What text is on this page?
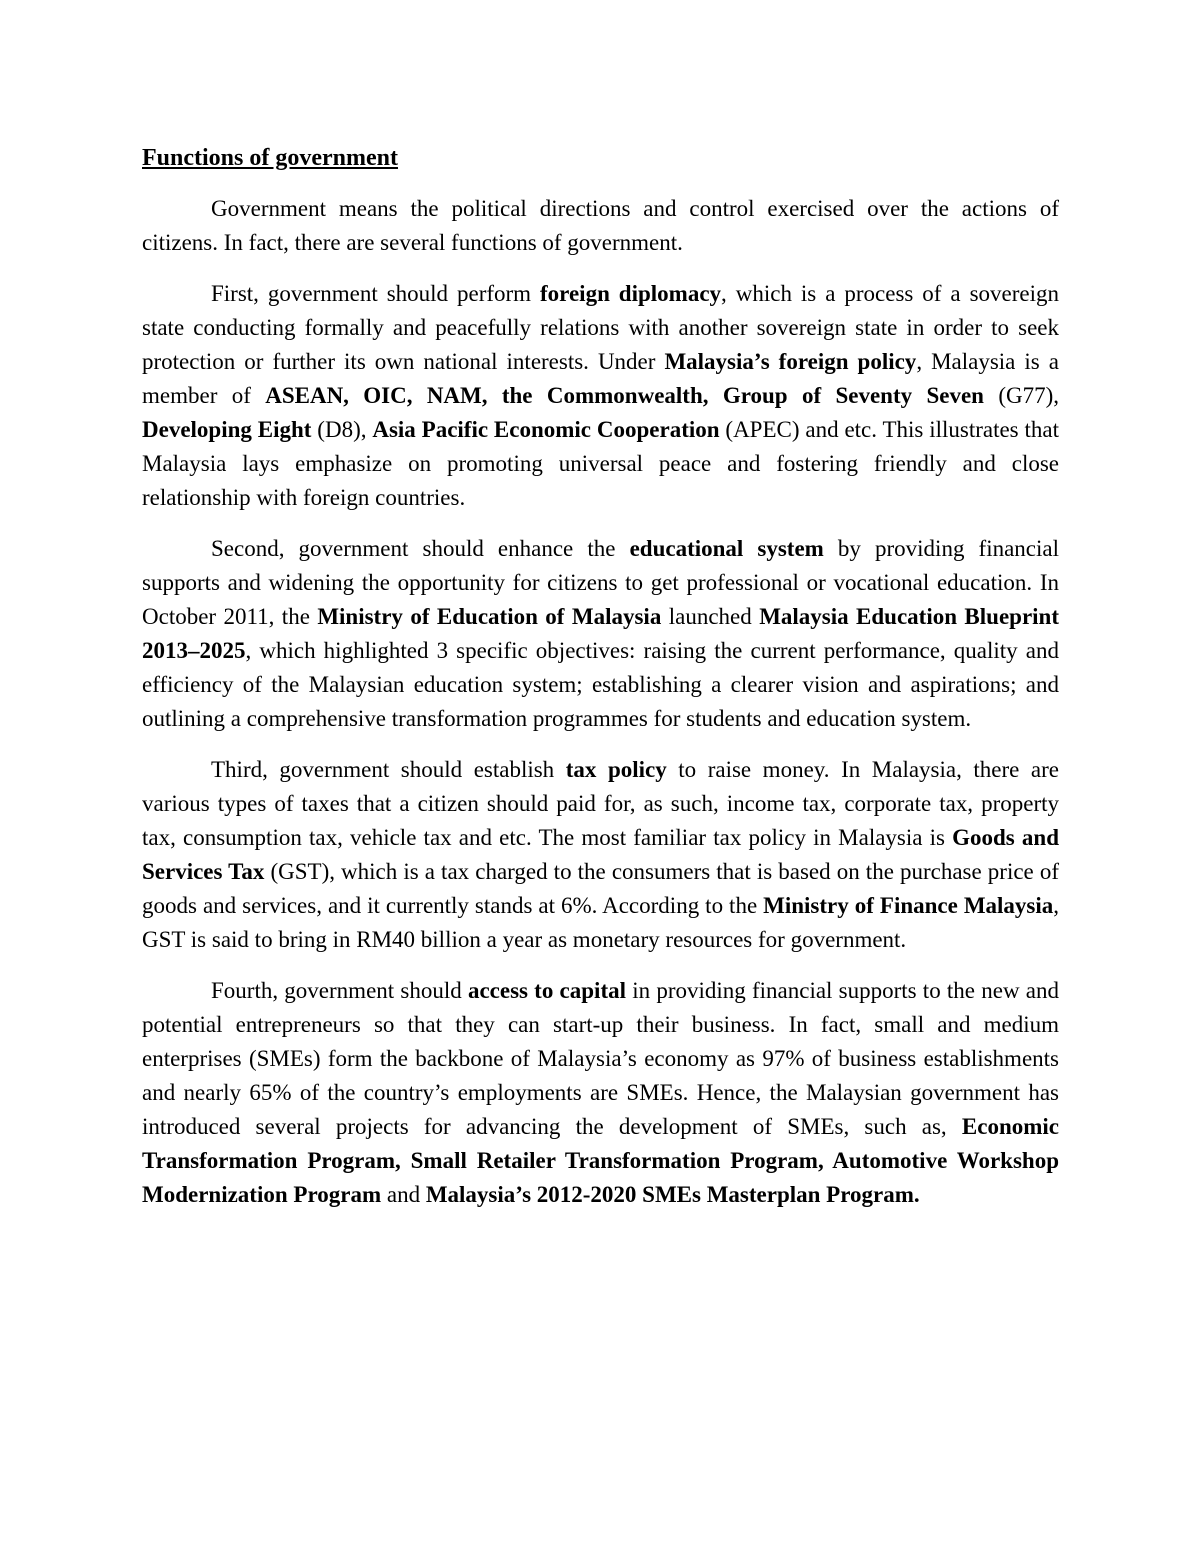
Functions of government

Government means the political directions and control exercised over the actions of citizens. In fact, there are several functions of government.

First, government should perform foreign diplomacy, which is a process of a sovereign state conducting formally and peacefully relations with another sovereign state in order to seek protection or further its own national interests. Under Malaysia’s foreign policy, Malaysia is a member of ASEAN, OIC, NAM, the Commonwealth, Group of Seventy Seven (G77), Developing Eight (D8), Asia Pacific Economic Cooperation (APEC) and etc. This illustrates that Malaysia lays emphasize on promoting universal peace and fostering friendly and close relationship with foreign countries.

Second, government should enhance the educational system by providing financial supports and widening the opportunity for citizens to get professional or vocational education. In October 2011, the Ministry of Education of Malaysia launched Malaysia Education Blueprint 2013–2025, which highlighted 3 specific objectives: raising the current performance, quality and efficiency of the Malaysian education system; establishing a clearer vision and aspirations; and outlining a comprehensive transformation programmes for students and education system.

Third, government should establish tax policy to raise money. In Malaysia, there are various types of taxes that a citizen should paid for, as such, income tax, corporate tax, property tax, consumption tax, vehicle tax and etc. The most familiar tax policy in Malaysia is Goods and Services Tax (GST), which is a tax charged to the consumers that is based on the purchase price of goods and services, and it currently stands at 6%. According to the Ministry of Finance Malaysia, GST is said to bring in RM40 billion a year as monetary resources for government.

Fourth, government should access to capital in providing financial supports to the new and potential entrepreneurs so that they can start-up their business. In fact, small and medium enterprises (SMEs) form the backbone of Malaysia’s economy as 97% of business establishments and nearly 65% of the country’s employments are SMEs. Hence, the Malaysian government has introduced several projects for advancing the development of SMEs, such as, Economic Transformation Program, Small Retailer Transformation Program, Automotive Workshop Modernization Program and Malaysia’s 2012-2020 SMEs Masterplan Program.
